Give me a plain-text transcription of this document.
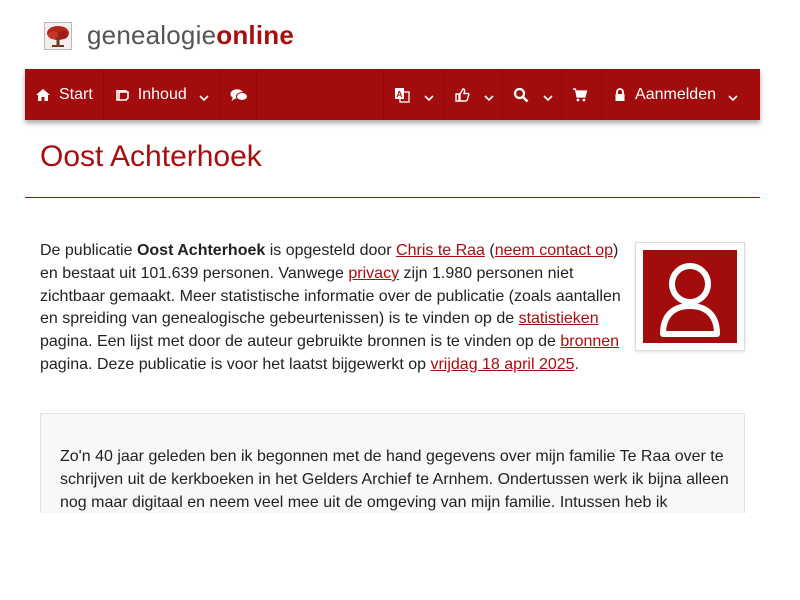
genealogieonline
Start	Inhoud	A	Aanmelden
Oost Achterhoek
De publicatie Oost Achterhoek is opgesteld door Chris te Raa (neem contact op) en bestaat uit 101.639 personen. Vanwege privacy zijn 1.980 personen niet zichtbaar gemaakt. Meer statistische informatie over de publicatie (zoals aantallen en spreiding van genealogische gebeurtenissen) is te vinden op de statistieken pagina. Een lijst met door de auteur gebruikte bronnen is te vinden op de bronnen pagina. Deze publicatie is voor het laatst bijgewerkt op vrijdag 18 april 2025.

Zo'n 40 jaar geleden ben ik begonnen met de hand gegevens over mijn familie Te Raa over te schrijven uit de kerkboeken in het Gelders Archief te Arnhem. Ondertussen werk ik bijna alleen nog maar digitaal en neem veel mee uit de omgeving van mijn familie. Intussen heb ik
